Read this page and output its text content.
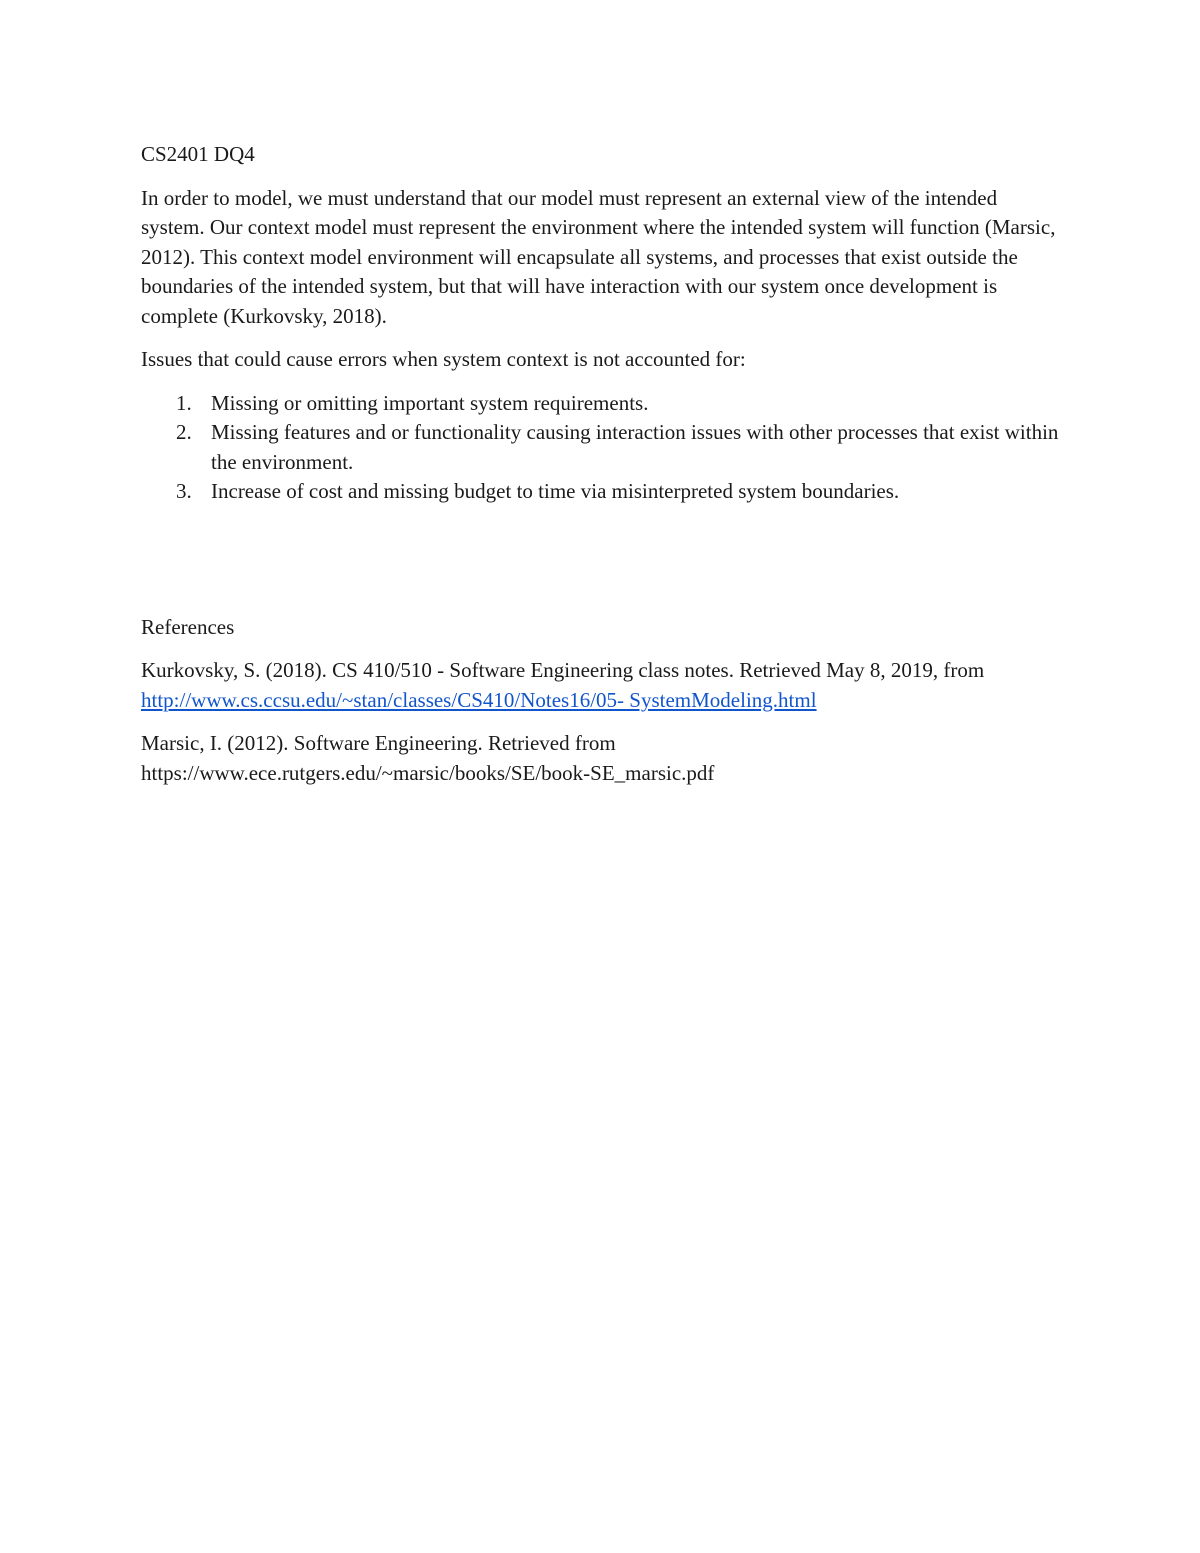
CS2401 DQ4

In order to model, we must understand that our model must represent an external view of the intended system. Our context model must represent the environment where the intended system will function (Marsic, 2012). This context model environment will encapsulate all systems, and processes that exist outside the boundaries of the intended system, but that will have interaction with our system once development is complete (Kurkovsky, 2018).

Issues that could cause errors when system context is not accounted for:

1. Missing or omitting important system requirements.
2. Missing features and or functionality causing interaction issues with other processes that exist within the environment.
3. Increase of cost and missing budget to time via misinterpreted system boundaries.

References

Kurkovsky, S. (2018). CS 410/510 - Software Engineering class notes. Retrieved May 8, 2019, from http://www.cs.ccsu.edu/~stan/classes/CS410/Notes16/05- SystemModeling.html

Marsic, I. (2012). Software Engineering. Retrieved from https://www.ece.rutgers.edu/~marsic/books/SE/book-SE_marsic.pdf
